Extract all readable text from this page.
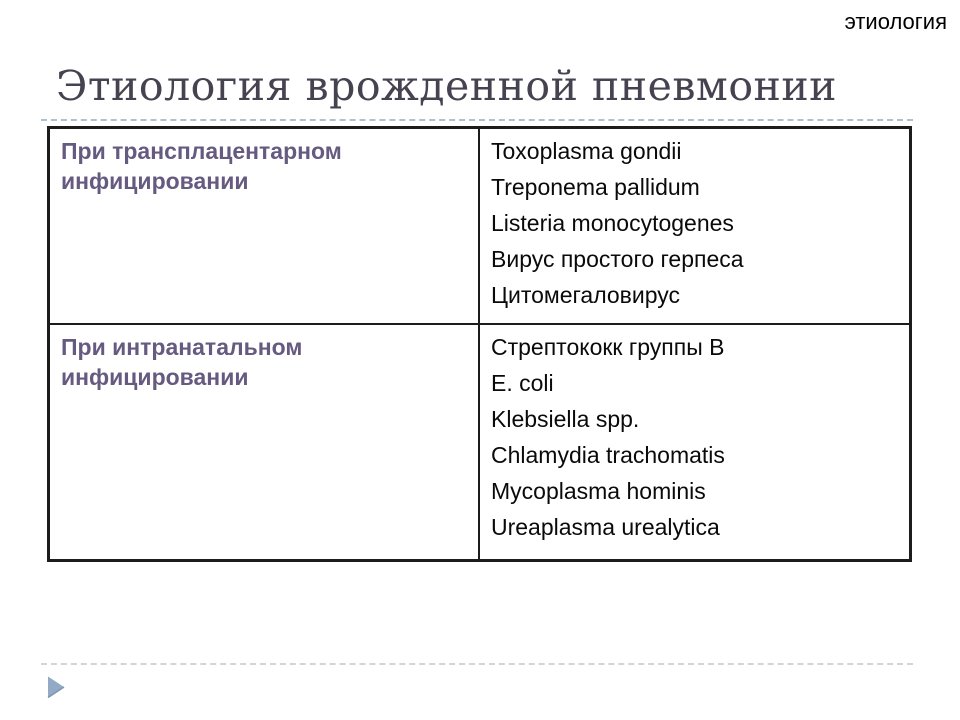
этиология
Этиология врожденной пневмонии
При трансплацентарном инфицировании
Toxoplasma gondii
Treponema pallidum
Listeria monocytogenes
Вирус простого герпеса
Цитомегаловирус
При интранатальном инфицировании
Стрептококк группы B
E. coli
Klebsiella spp.
Chlamydia trachomatis
Mycoplasma hominis
Ureaplasma urealytica
